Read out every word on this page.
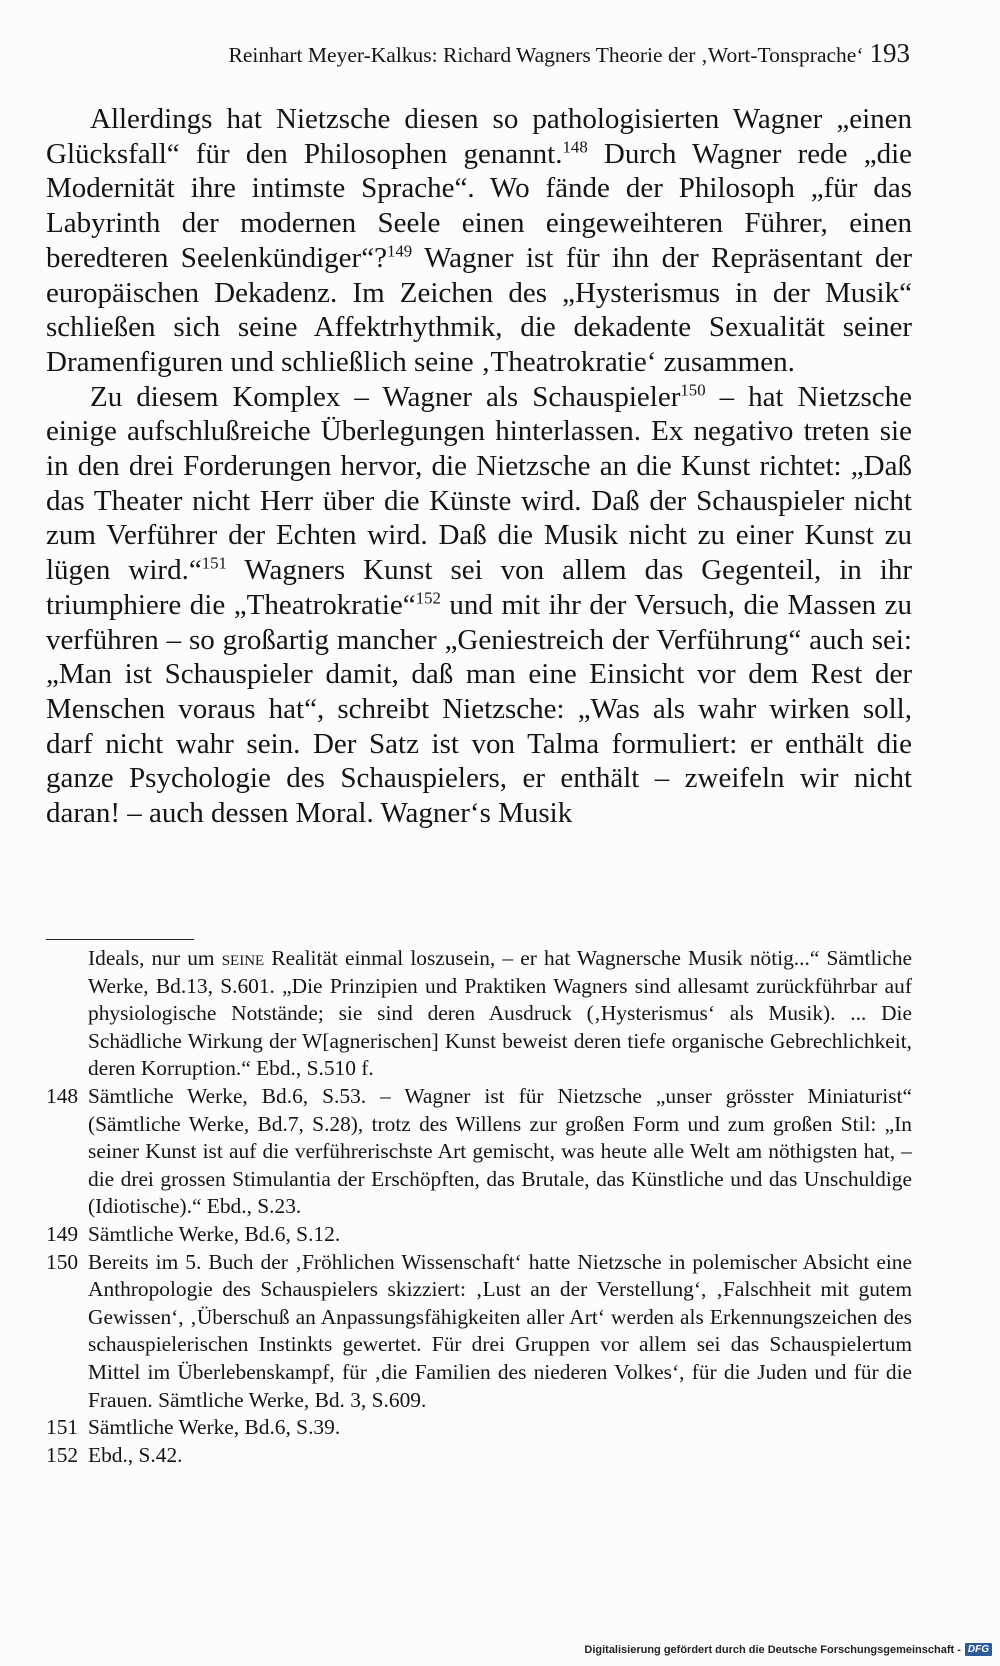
Reinhart Meyer-Kalkus: Richard Wagners Theorie der ‚Wort-Tonsprache‘ 193

Allerdings hat Nietzsche diesen so pathologisierten Wagner „einen Glücksfall“ für den Philosophen genannt.$^{148}$ Durch Wagner rede „die Modernität ihre intimste Sprache“. Wo fände der Philosoph „für das Labyrinth der modernen Seele einen eingeweihteren Führer, einen beredteren Seelenkündiger“?$^{149}$ Wagner ist für ihn der Repräsentant der europäischen Dekadenz. Im Zeichen des „Hysterismus in der Musik“ schließen sich seine Affektrhythmik, die dekadente Sexualität seiner Dramenfiguren und schließlich seine ‚Theatrokratie‘ zusammen.

Zu diesem Komplex – Wagner als Schauspieler$^{150}$ – hat Nietzsche einige aufschlußreiche Überlegungen hinterlassen. Ex negativo treten sie in den drei Forderungen hervor, die Nietzsche an die Kunst richtet: „Daß das Theater nicht Herr über die Künste wird. Daß der Schauspieler nicht zum Verführer der Echten wird. Daß die Musik nicht zu einer Kunst zu lügen wird.“$^{151}$ Wagners Kunst sei von allem das Gegenteil, in ihr triumphiere die „Theatrokratie“$^{152}$ und mit ihr der Versuch, die Massen zu verführen – so großartig mancher „Geniestreich der Verführung“ auch sei: „Man ist Schauspieler damit, daß man eine Einsicht vor dem Rest der Menschen voraus hat“, schreibt Nietzsche: „Was als wahr wirken soll, darf nicht wahr sein. Der Satz ist von Talma formuliert: er enthält die ganze Psychologie des Schauspielers, er enthält – zweifeln wir nicht daran! – auch dessen Moral. Wagner‘s Musik

Ideals, nur um seine Realität einmal loszusein, – er hat Wagnersche Musik nötig...“ Sämtliche Werke, Bd.13, S.601. „Die Prinzipien und Praktiken Wagners sind allesamt zurückführbar auf physiologische Notstände; sie sind deren Ausdruck (‚Hysterismus‘ als Musik). ... Die Schädliche Wirkung der W[agnerischen] Kunst beweist deren tiefe organische Gebrechlichkeit, deren Korruption.“ Ebd., S.510 f.
148 Sämtliche Werke, Bd.6, S.53. – Wagner ist für Nietzsche „unser grösster Miniaturist“ (Sämtliche Werke, Bd.7, S.28), trotz des Willens zur großen Form und zum großen Stil: „In seiner Kunst ist auf die verführerischste Art gemischt, was heute alle Welt am nöthigsten hat, – die drei grossen Stimulantia der Erschöpften, das Brutale, das Künstliche und das Unschuldige (Idiotische).“ Ebd., S.23.
149 Sämtliche Werke, Bd.6, S.12.
150 Bereits im 5. Buch der ‚Fröhlichen Wissenschaft‘ hatte Nietzsche in polemischer Absicht eine Anthropologie des Schauspielers skizziert: ‚Lust an der Verstellung‘, ‚Falschheit mit gutem Gewissen‘, ‚Überschuß an Anpassungsfähigkeiten aller Art‘ werden als Erkennungszeichen des schauspielerischen Instinkts gewertet. Für drei Gruppen vor allem sei das Schauspielertum Mittel im Überlebenskampf, für ‚die Familien des niederen Volkes‘, für die Juden und für die Frauen. Sämtliche Werke, Bd. 3, S.609.
151 Sämtliche Werke, Bd.6, S.39.
152 Ebd., S.42.
Digitalisierung gefördert durch die Deutsche Forschungsgemeinschaft - DFG
